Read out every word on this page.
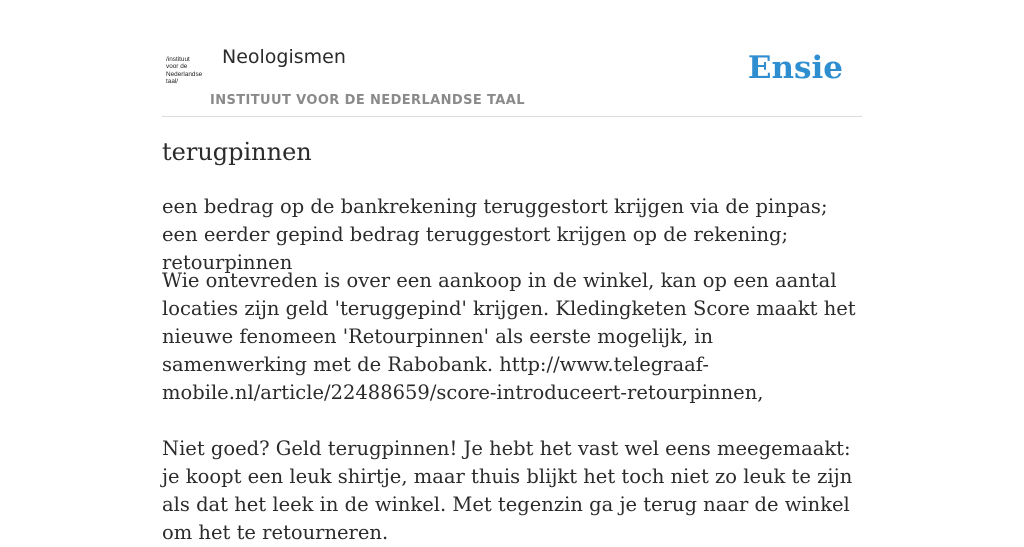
/instituut
voor de
Nederlandse
taal/
Neologismen
INSTITUUT VOOR DE NEDERLANDSE TAAL
Ensie
terugpinnen
een bedrag op de bankrekening teruggestort krijgen via de pinpas; een eerder gepind bedrag teruggestort krijgen op de rekening; retourpinnen

Wie ontevreden is over een aankoop in de winkel, kan op een aantal locaties zijn geld 'teruggepind' krijgen. Kledingketen Score maakt het nieuwe fenomeen 'Retourpinnen' als eerste mogelijk, in samenwerking met de Rabobank. http://www.telegraaf-mobile.nl/article/22488659/score-introduceert-retourpinnen,

Niet goed? Geld terugpinnen! Je hebt het vast wel eens meegemaakt: je koopt een leuk shirtje, maar thuis blijkt het toch niet zo leuk te zijn als dat het leek in de winkel. Met tegenzin ga je terug naar de winkel om het te retourneren.
